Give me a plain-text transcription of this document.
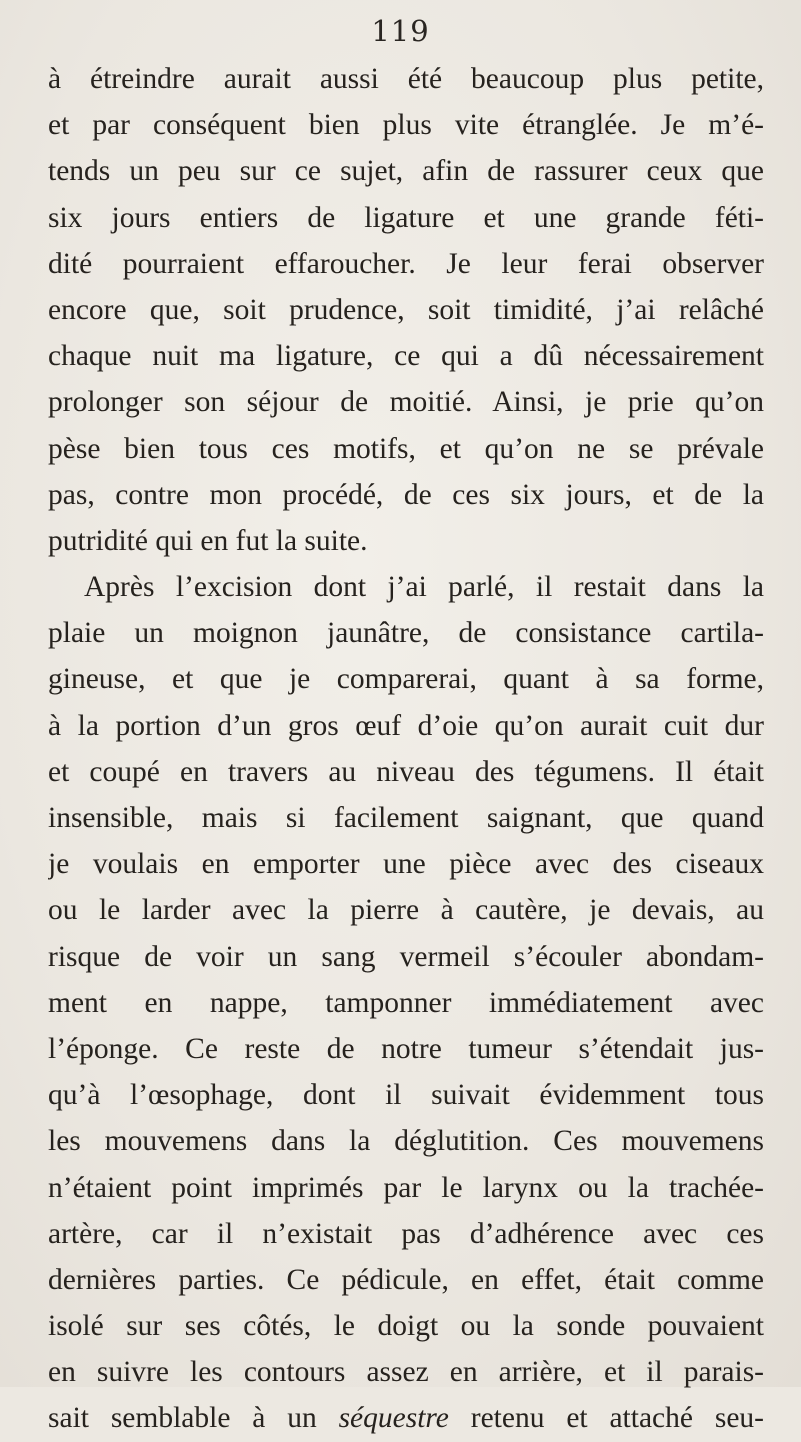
119
à étreindre aurait aussi été beaucoup plus petite,
et par conséquent bien plus vite étranglée. Je m’é-
tends un peu sur ce sujet, afin de rassurer ceux que
six jours entiers de ligature et une grande féti-
dité pourraient effaroucher. Je leur ferai observer
encore que, soit prudence, soit timidité, j’ai relâché
chaque nuit ma ligature, ce qui a dû nécessairement
prolonger son séjour de moitié. Ainsi, je prie qu’on
pèse bien tous ces motifs, et qu’on ne se prévale
pas, contre mon procédé, de ces six jours, et de la
putridité qui en fut la suite.
Après l’excision dont j’ai parlé, il restait dans la
plaie un moignon jaunâtre, de consistance cartila-
gineuse, et que je comparerai, quant à sa forme,
à la portion d’un gros œuf d’oie qu’on aurait cuit dur
et coupé en travers au niveau des tégumens. Il était
insensible, mais si facilement saignant, que quand
je voulais en emporter une pièce avec des ciseaux
ou le larder avec la pierre à cautère, je devais, au
risque de voir un sang vermeil s’écouler abondam-
ment en nappe, tamponner immédiatement avec
l’éponge. Ce reste de notre tumeur s’étendait jus-
qu’à l’œsophage, dont il suivait évidemment tous
les mouvemens dans la déglutition. Ces mouvemens
n’étaient point imprimés par le larynx ou la trachée-
artère, car il n’existait pas d’adhérence avec ces
dernières parties. Ce pédicule, en effet, était comme
isolé sur ses côtés, le doigt ou la sonde pouvaient
en suivre les contours assez en arrière, et il parais-
sait semblable à un séquestre retenu et attaché seu-
